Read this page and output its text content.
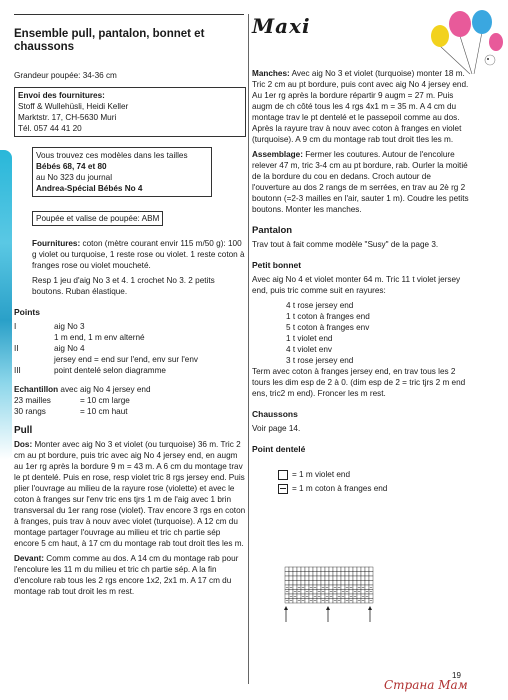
Maxi
Ensemble pull, pantalon, bonnet et chaussons

Grandeur poupée: 34-36 cm

Envoi des fournitures:
Stoff & Wullehüsli, Heidi Keller
Marktstr. 17, CH-5630 Muri
Tél. 057 44 41 20
Vous trouvez ces modèles dans les tailles
Bébés 68, 74 et 80
au No 323 du journal
Andrea-Spécial Bébés No 4
Poupée et valise de poupée: ABM

Fournitures: coton (mètre courant envir 115 m/50 g): 100 g violet ou turquoise, 1 reste rose ou violet. 1 reste coton à franges rose ou violet moucheté.

Resp 1 jeu d'aig No 3 et 4. 1 crochet No 3. 2 petits boutons. Ruban élastique.

Points
I	aig No 3
1 m end, 1 m env alterné
II	aig No 4
jersey end = end sur l'end, env sur l'env
III	point dentelé selon diagramme

Echantillon avec aig No 4 jersey end

23 mailles	= 10 cm large
30 rangs	= 10 cm haut
Pull

Dos: Monter avec aig No 3 et violet (ou turquoise) 36 m. Tric 2 cm au pt bordure, puis tric avec aig No 4 jersey end, en augm au 1er rg après la bordure 9 m = 43 m. A 6 cm du montage trav le pt dentelé. Puis en rose, resp violet tric 8 rgs jersey end. Puis plier l'ouvrage au milieu de la rayure rose (violette) et avec le coton à franges sur l'env tric ens tjrs 1 m de l'aig avec 1 brin transversal du 1er rang rose (violet). Trav encore 3 rgs en coton à franges, puis trav à nouv avec violet (turquoise). A 12 cm du montage partager l'ouvrage au milieu et tric ch partie sép encore 5 cm haut, à 17 cm du montage rab tout droit tles les m.

Devant: Comm comme au dos. A 14 cm du montage rab pour l'encolure les 11 m du milieu et tric ch partie sép. A la fin d'encolure rab tous les 2 rgs encore 1x2, 2x1 m. A 17 cm du montage rab tout droit les m rest.

Manches: Avec aig No 3 et violet (turquoise) monter 18 m. Tric 2 cm au pt bordure, puis cont avec aig No 4 jersey end. Au 1er rg après la bordure répartir 9 augm = 27 m. Puis augm de ch côté tous les 4 rgs 4x1 m = 35 m. A 4 cm du montage trav le pt dentelé et le passepoil comme au dos. Après la rayure trav à nouv avec coton à franges en violet (turquoise). A 9 cm du montage rab tout droit tles les m.

Assemblage: Fermer les coutures. Autour de l'encolure relever 47 m, tric 3-4 cm au pt bordure, rab. Ourler la moitié de la bordure du cou en dedans. Croch autour de l'ouverture au dos 2 rangs de m serrées, en trav au 2è rg 2 boutonn (=2-3 mailles en l'air, sauter 1 m). Coudre les petits boutons. Monter les manches.

Pantalon

Trav tout à fait comme modèle "Susy" de la page 3.

Petit bonnet

Avec aig No 4 et violet monter 64 m. Tric 11 t violet jersey end, puis tric comme suit en rayures:

4 t rose jersey end
1 t coton à franges end
5 t coton à franges env
1 t violet end
4 t violet env
3 t rose jersey end

Term avec coton à franges jersey end, en trav tous les 2 tours les dim esp de 2 à 0. (dim esp de 2 = tric tjrs 2 m end ens, tric2 m end). Froncer les m rest.

Chaussons

Voir page 14.

Point dentelé
= 1 m violet end
= 1 m coton à franges end
19
Страна Мам
